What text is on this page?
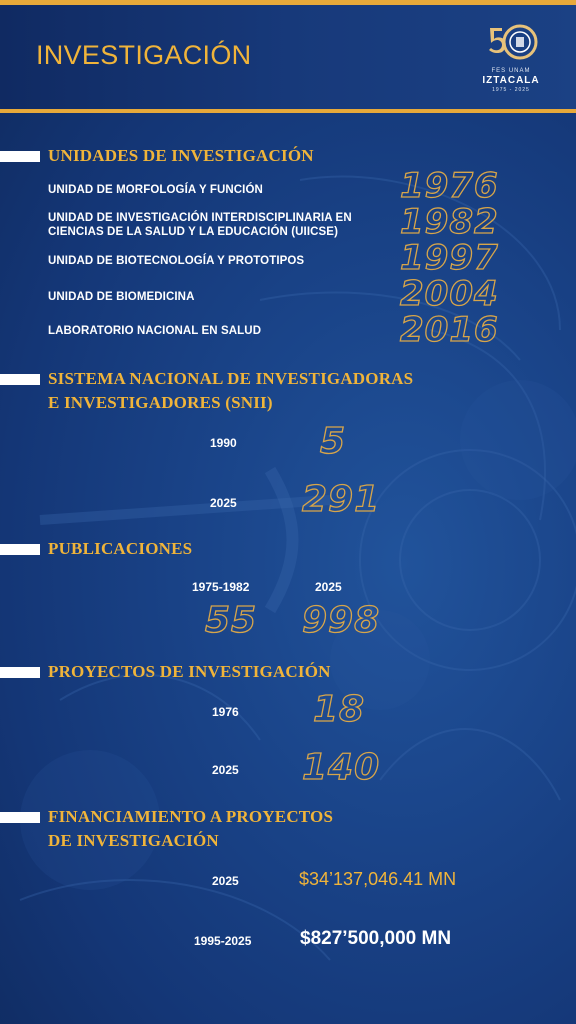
INVESTIGACIÓN
FES UNAM
IZTACALA
1975 - 2025
UNIDADES DE INVESTIGACIÓN
UNIDAD DE MORFOLOGÍA Y FUNCIÓN	1976
UNIDAD DE INVESTIGACIÓN INTERDISCIPLINARIA EN CIENCIAS DE LA SALUD Y LA EDUCACIÓN (UIICSE)	1982
UNIDAD DE BIOTECNOLOGÍA Y PROTOTIPOS	1997
UNIDAD DE BIOMEDICINA	2004
LABORATORIO NACIONAL EN SALUD	2016
SISTEMA NACIONAL DE INVESTIGADORAS
E INVESTIGADORES (SNII)
1990 5
2025 291
PUBLICACIONES
1975-1982	2025
55 998
PROYECTOS DE INVESTIGACIÓN
1976 18
2025 140
FINANCIAMIENTO A PROYECTOS
DE INVESTIGACIÓN
2025	$34’137,046.41 MN
1995-2025	$827’500,000 MN
